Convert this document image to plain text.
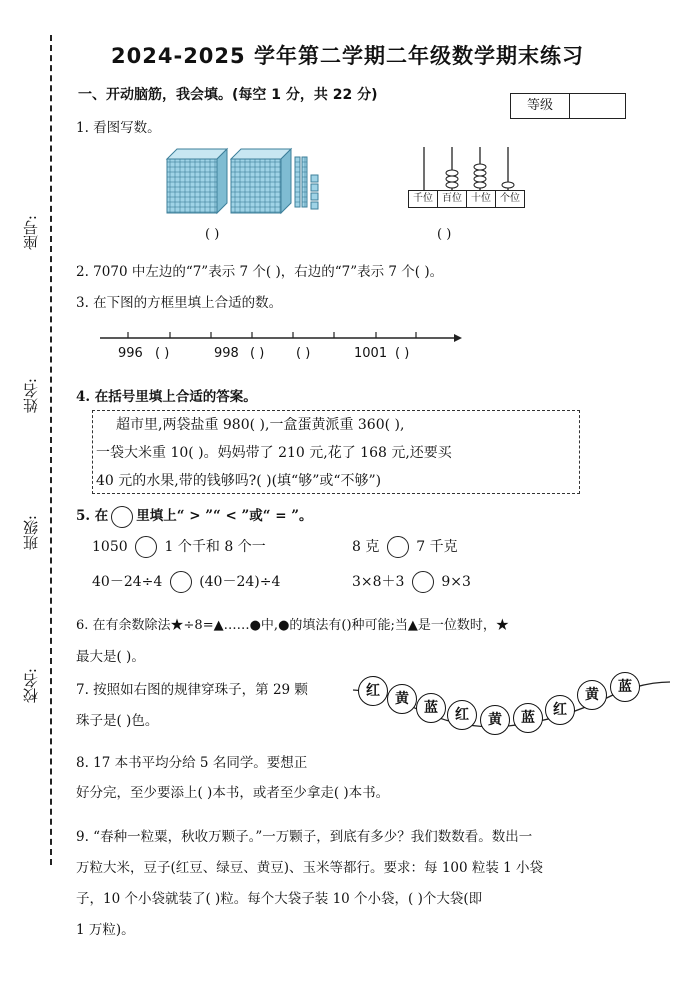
座号:
姓名:
班级:
校名:
2024-2025 学年第二学期二年级数学期末练习
一、开动脑筋，我会填。(每空 1 分，共 22 分)
等级
1. 看图写数。
( )
千位 百位 十位 个位
( )
2. 7070 中左边的“7”表示 7 个( )，右边的“7”表示 7 个( )。
3. 在下图的方框里填上合适的数。
996 ( )	998 ( ) ( )	1001 ( )
4. 在括号里填上合适的答案。
超市里,两袋盐重 980( ),一盒蛋黄派重 360( ),
一袋大米重 10( )。妈妈带了 210 元,花了 168 元,还要买
40 元的水果,带的钱够吗?( )(填“够”或“不够”)
5. 在 里填上“ > ”“ < ”或“ = ”。
1050	1 个千和 8 个一	8 克	7 千克
40－24÷4	(40－24)÷4	3×8＋3	9×3
6. 在有余数除法★÷8=▲……●中,●的填法有()种可能;当▲是一位数时，★
最大是( )。
7. 按照如右图的规律穿珠子，第 29 颗
珠子是( )色。
红	黄
蓝	红	黄	蓝	红
黄	蓝
8. 17 本书平均分给 5 名同学。要想正
好分完，至少要添上( )本书，或者至少拿走( )本书。
9. “春种一粒粟，秋收万颗子。”一万颗子，到底有多少？我们数数看。数出一
万粒大米，豆子(红豆、绿豆、黄豆)、玉米等都行。要求：每 100 粒装 1 小袋
子，10 个小袋就装了( )粒。每个大袋子装 10 个小袋，( )个大袋(即
1 万粒)。
